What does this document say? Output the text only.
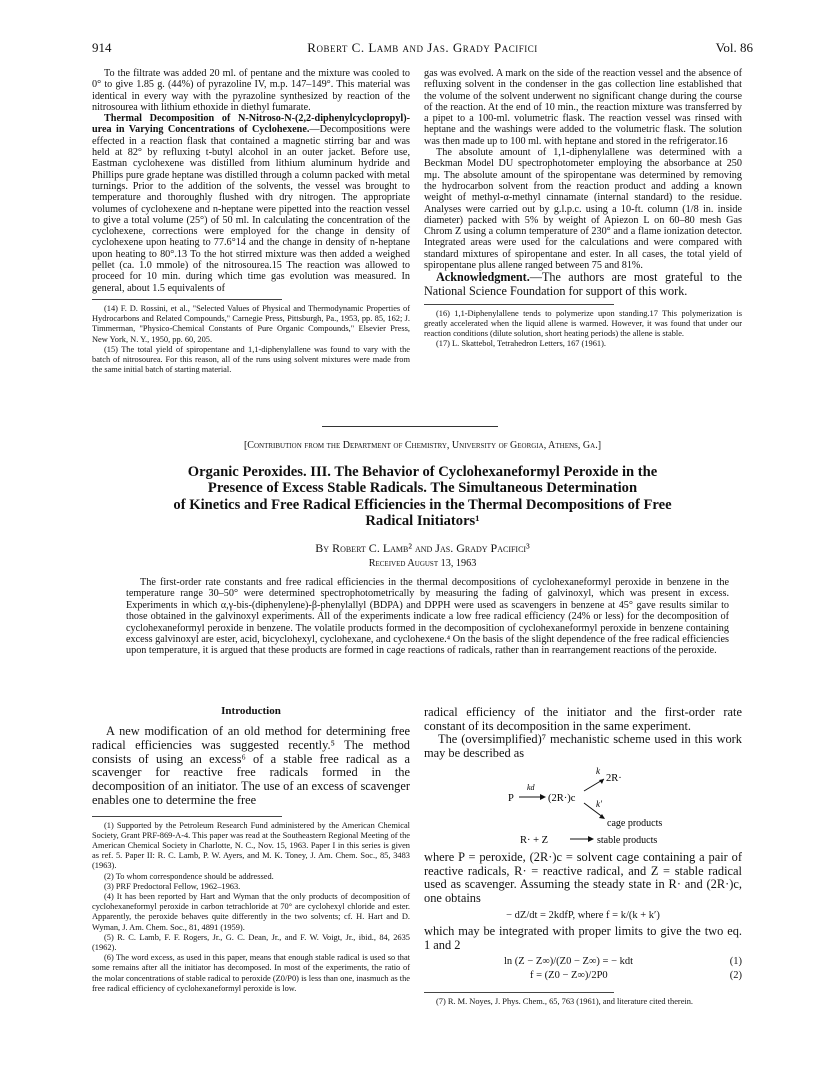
914	Robert C. Lamb and Jas. Grady Pacifici	Vol. 86

To the filtrate was added 20 ml. of pentane and the mixture was cooled to 0° to give 1.85 g. (44%) of pyrazoline IV, m.p. 147–149°. This material was identical in every way with the pyrazoline synthesized by reaction of the nitrosourea with lithium ethoxide in diethyl fumarate.

Thermal Decomposition of N-Nitroso-N-(2,2-diphenylcyclopropyl)-urea in Varying Concentrations of Cyclohexene.—Decompositions were effected in a reaction flask that contained a magnetic stirring bar and was held at 82° by refluxing t-butyl alcohol in an outer jacket. Before use, Eastman cyclohexene was distilled from lithium aluminum hydride and Phillips pure grade heptane was distilled through a column packed with metal turnings. Prior to the addition of the solvents, the vessel was brought to temperature and thoroughly flushed with dry nitrogen. The appropriate volumes of cyclohexene and n-heptane were pipetted into the reaction vessel to give a total volume (25°) of 50 ml. In calculating the concentration of the cyclohexene, corrections were employed for the change in density of cyclohexene upon heating to 77.6°14 and the change in density of n-heptane upon heating to 80°.13 To the hot stirred mixture was then added a weighed pellet (ca. 1.0 mmole) of the nitrosourea.15 The reaction was allowed to proceed for 10 min. during which time gas evolution was measured. In general, about 1.5 equivalents of

(14) F. D. Rossini, et al., "Selected Values of Physical and Thermodynamic Properties of Hydrocarbons and Related Compounds," Carnegie Press, Pittsburgh, Pa., 1953, pp. 85, 162; J. Timmerman, "Physico-Chemical Constants of Pure Organic Compounds," Elsevier Press, New York, N. Y., 1950, pp. 60, 205.

(15) The total yield of spiropentane and 1,1-diphenylallene was found to vary with the batch of nitrosourea. For this reason, all of the runs using solvent mixtures were made from the same initial batch of starting material.

gas was evolved. A mark on the side of the reaction vessel and the absence of refluxing solvent in the condenser in the gas collection line established that the volume of the solvent underwent no significant change during the course of the reaction. At the end of 10 min., the reaction mixture was transferred by a pipet to a 100-ml. volumetric flask. The reaction vessel was rinsed with heptane and the washings were added to the volumetric flask. The solution was then made up to 100 ml. with heptane and stored in the refrigerator.16

The absolute amount of 1,1-diphenylallene was determined with a Beckman Model DU spectrophotometer employing the absorbance at 250 mμ. The absolute amount of the spiropentane was determined by removing the hydrocarbon solvent from the reaction product and adding a known weight of methyl-α-methyl cinnamate (internal standard) to the residue. Analyses were carried out by g.l.p.c. using a 10-ft. column (1/8 in. inside diameter) packed with 5% by weight of Apiezon L on 60–80 mesh Gas Chrom Z using a column temperature of 230° and a flame ionization detector. Integrated areas were used for the calculations and were compared with standard mixtures of spiropentane and ester. In all cases, the total yield of spiropentane plus allene ranged between 75 and 81%.

Acknowledgment.—The authors are most grateful to the National Science Foundation for support of this work.

(16) 1,1-Diphenylallene tends to polymerize upon standing.17 This polymerization is greatly accelerated when the liquid allene is warmed. However, it was found that under our reaction conditions (dilute solution, short heating periods) the allene is stable.

(17) L. Skattebol, Tetrahedron Letters, 167 (1961).

[Contribution from the Department of Chemistry, University of Georgia, Athens, Ga.]
Organic Peroxides. III. The Behavior of Cyclohexaneformyl Peroxide in the
Presence of Excess Stable Radicals. The Simultaneous Determination
of Kinetics and Free Radical Efficiencies in the Thermal Decompositions of Free
Radical Initiators¹
By Robert C. Lamb² and Jas. Grady Pacifici³
Received August 13, 1963

The first-order rate constants and free radical efficiencies in the thermal decompositions of cyclohexaneformyl peroxide in benzene in the temperature range 30–50° were determined spectrophotometrically by measuring the fading of galvinoxyl, which was present in excess. Experiments in which α,γ-bis-(diphenylene)-β-phenylallyl (BDPA) and DPPH were used as scavengers in benzene at 45° gave results similar to those obtained in the galvinoxyl experiments. All of the experiments indicate a low free radical efficiency (24% or less) for the decomposition of cyclohexaneformyl peroxide in benzene. The volatile products formed in the decomposition of cyclohexaneformyl peroxide in benzene containing excess galvinoxyl are ester, acid, bicyclohexyl, cyclohexane, and cyclohexene.⁴ On the basis of the slight dependence of the free radical efficiencies upon temperature, it is argued that these products are formed in cage reactions of radicals, rather than in rearrangement reactions of the peroxide.

Introduction

A new modification of an old method for determining free radical efficiencies was suggested recently.⁵ The method consists of using an excess⁶ of a stable free radical as a scavenger for reactive free radicals formed in the decomposition of an initiator. The use of an excess of scavenger enables one to determine the free

(1) Supported by the Petroleum Research Fund administered by the American Chemical Society, Grant PRF-869-A-4. This paper was read at the Southeastern Regional Meeting of the American Chemical Society in Charlotte, N. C., Nov. 15, 1963. Paper I in this series is given as ref. 5. Paper II: R. C. Lamb, P. W. Ayers, and M. K. Toney, J. Am. Chem. Soc., 85, 3483 (1963).

(2) To whom correspondence should be addressed.

(3) PRF Predoctoral Fellow, 1962–1963.

(4) It has been reported by Hart and Wyman that the only products of decomposition of cyclohexaneformyl peroxide in carbon tetrachloride at 70° are cyclohexyl chloride and ester. Apparently, the peroxide behaves quite differently in the two solvents; cf. H. Hart and D. Wyman, J. Am. Chem. Soc., 81, 4891 (1959).

(5) R. C. Lamb, F. F. Rogers, Jr., G. C. Dean, Jr., and F. W. Voigt, Jr., ibid., 84, 2635 (1962).

(6) The word excess, as used in this paper, means that enough stable radical is used so that some remains after all the initiator has decomposed. In most of the experiments, the ratio of the molar concentrations of stable radical to peroxide (Z0/P0) is less than one, inasmuch as the free radical efficiency of cyclohexaneformyl peroxide is low.

radical efficiency of the initiator and the first-order rate constant of its decomposition in the same experiment.

The (oversimplified)⁷ mechanistic scheme used in this work may be described as

k
2R·
kd
P	(2R·)c k′
cage products
R· + Z	stable products

where P = peroxide, (2R·)c = solvent cage containing a pair of reactive radicals, R· = reactive radical, and Z = stable radical used as scavenger. Assuming the steady state in R· and (2R·)c, one obtains

− dZ/dt = 2kdfP, where f = k/(k + k′)

which may be integrated with proper limits to give the two eq. 1 and 2

ln (Z − Z∞)/(Z0 − Z∞) = − kdt	(1)
f = (Z0 − Z∞)/2P0	(2)

(7) R. M. Noyes, J. Phys. Chem., 65, 763 (1961), and literature cited therein.
